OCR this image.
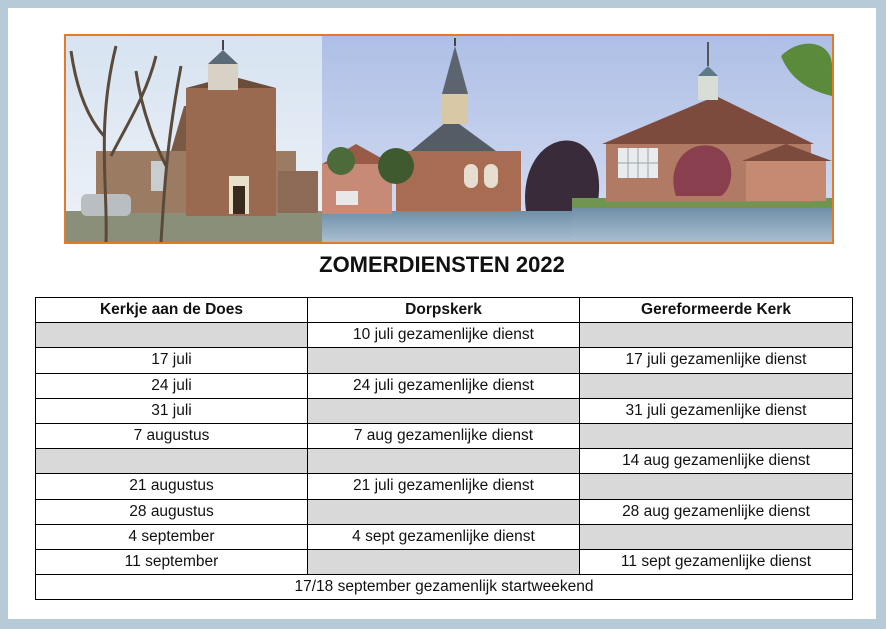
ZOMERDIENSTEN 2022
Kerkje aan de Does	Dorpskerk	Gereformeerde Kerk
	10 juli gezamenlijke dienst	
17 juli		17 juli gezamenlijke dienst
24 juli	24 juli gezamenlijke dienst	
31 juli		31 juli gezamenlijke dienst
7 augustus	7 aug gezamenlijke dienst	
		14 aug gezamenlijke dienst
21 augustus	21 juli gezamenlijke dienst	
28 augustus		28 aug gezamenlijke dienst
4 september	4 sept gezamenlijke dienst	
11 september		11 sept gezamenlijke dienst
17/18 september gezamenlijk startweekend		
